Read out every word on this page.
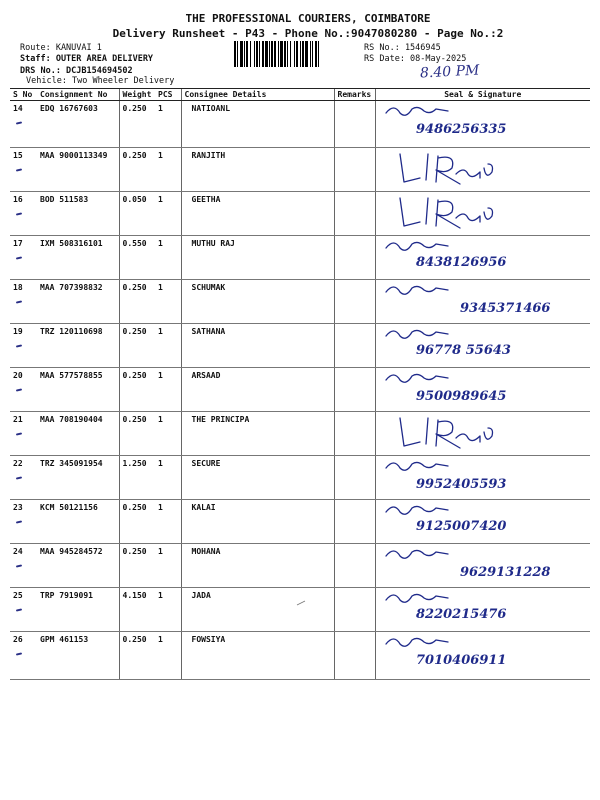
THE PROFESSIONAL COURIERS, COIMBATORE
Delivery Runsheet - P43 - Phone No.:9047080280 - Page No.:2
Route: KANUVAI 1
Staff: OUTER AREA DELIVERY
DRS No.: DCJB154694502
Vehicle: Two Wheeler Delivery
RS No.: 1546945
RS Date: 08-May-2025
8.40 PM
S No	Consignment No	Weight	PCS	Consignee Details	Remarks	Seal & Signature
14	EDQ 16767603	0.250	1	NATIOANL		9486256335

15	MAA 9000113349	0.250	1	RANJITH		

16	BOD 511583	0.050	1	GEETHA		

17	IXM 508316101	0.550	1	MUTHU RAJ		8438126956

18	MAA 707398832	0.250	1	SCHUMAK		9345371466

19	TRZ 120110698	0.250	1	SATHANA		96778 55643

20	MAA 577578855	0.250	1	ARSAAD		9500989645

21	MAA 708190404	0.250	1	THE PRINCIPA		

22	TRZ 345091954	1.250	1	SECURE		9952405593

23	KCM 50121156	0.250	1	KALAI		9125007420

24	MAA 945284572	0.250	1	MOHANA		9629131228

25	TRP 7919091	4.150	1	JADA		8220215476

26	GPM 461153	0.250	1	FOWSIYA		7010406911
